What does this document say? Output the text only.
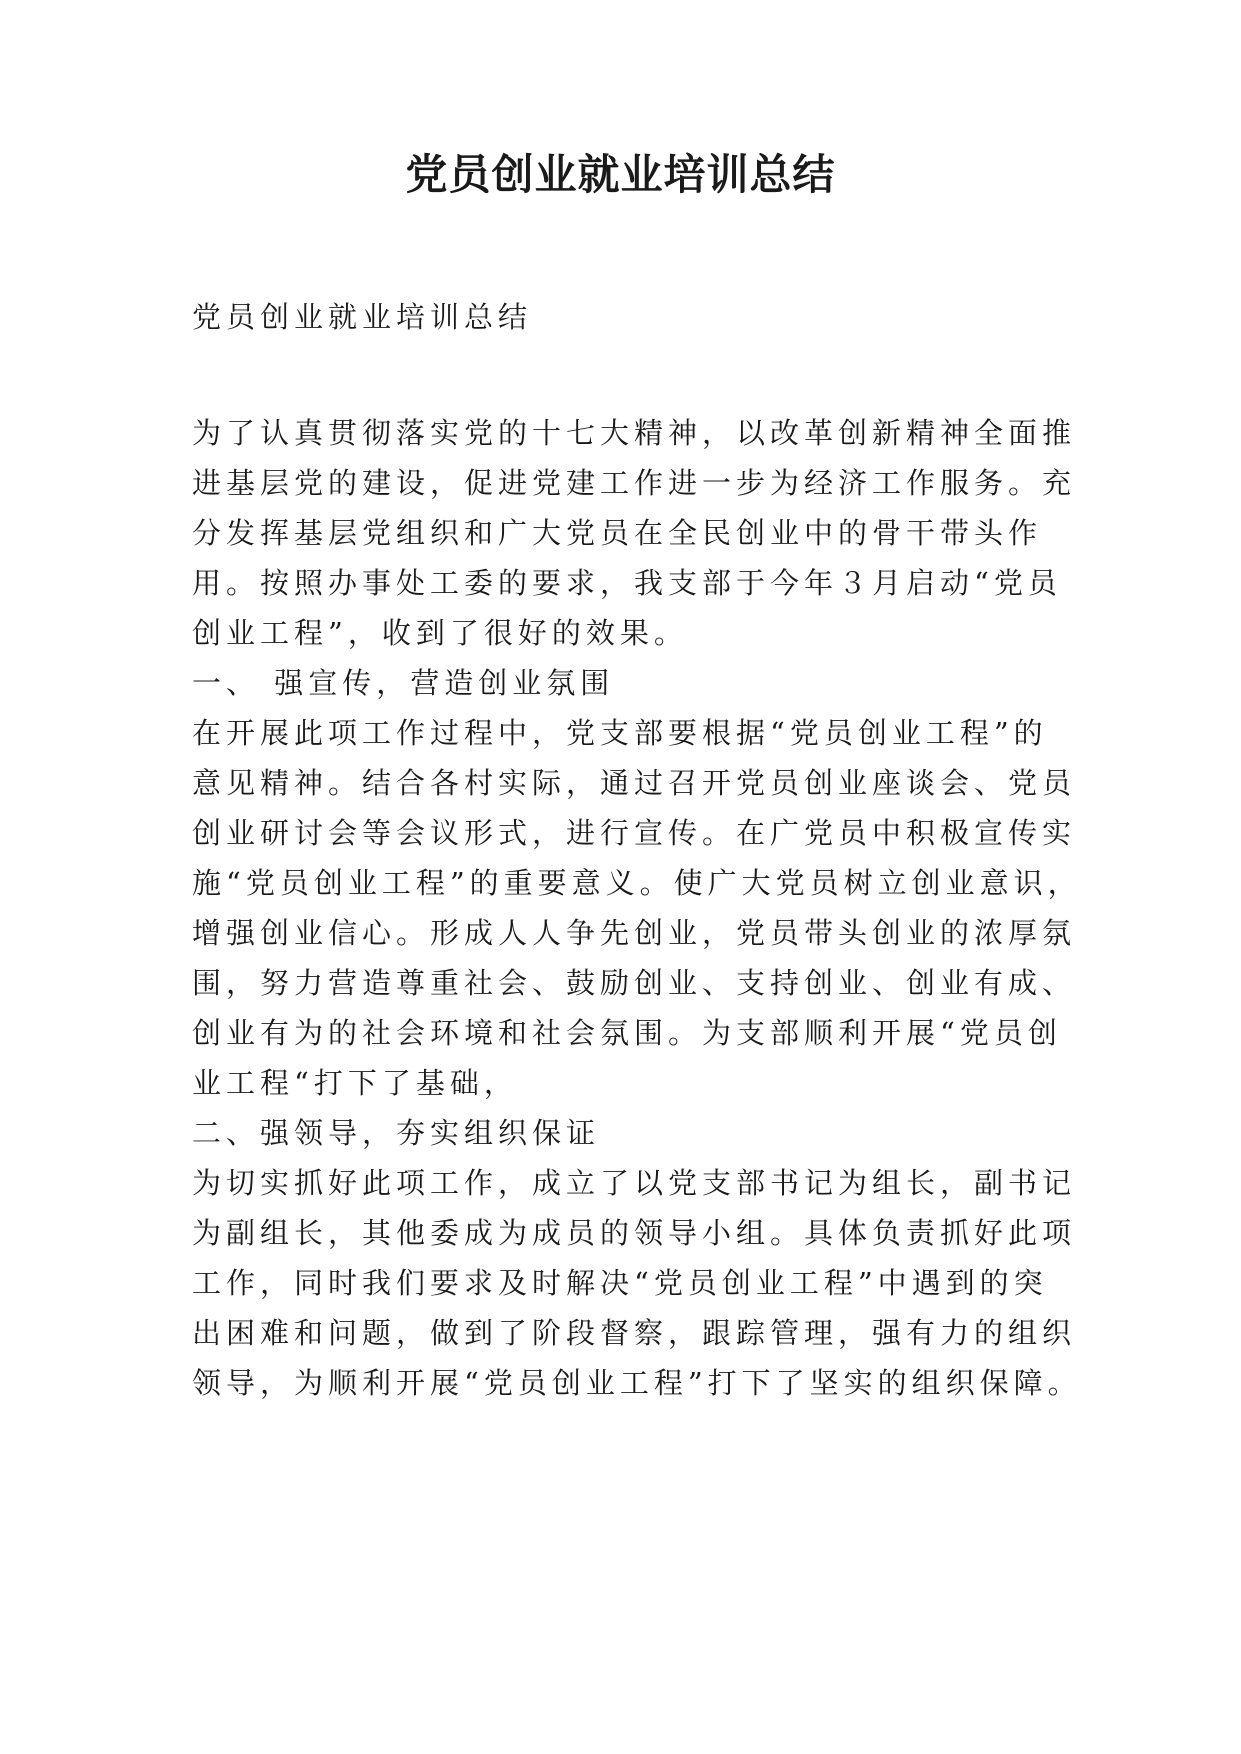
党员创业就业培训总结

党员创业就业培训总结

为了认真贯彻落实党的十七大精神，以改革创新精神全面推
进基层党的建设，促进党建工作进一步为经济工作服务。充
分发挥基层党组织和广大党员在全民创业中的骨干带头作
用。按照办事处工委的要求，我支部于今年３月启动“党员
创业工程”，收到了很好的效果。
一、 强宣传，营造创业氛围
在开展此项工作过程中，党支部要根据“党员创业工程”的
意见精神。结合各村实际，通过召开党员创业座谈会、党员
创业研讨会等会议形式，进行宣传。在广党员中积极宣传实
施“党员创业工程”的重要意义。使广大党员树立创业意识，
增强创业信心。形成人人争先创业，党员带头创业的浓厚氛
围，努力营造尊重社会、鼓励创业、支持创业、创业有成、
创业有为的社会环境和社会氛围。为支部顺利开展“党员创
业工程“打下了基础，
二、强领导，夯实组织保证
为切实抓好此项工作，成立了以党支部书记为组长，副书记
为副组长，其他委成为成员的领导小组。具体负责抓好此项
工作，同时我们要求及时解决“党员创业工程”中遇到的突
出困难和问题，做到了阶段督察，跟踪管理，强有力的组织
领导，为顺利开展“党员创业工程”打下了坚实的组织保障。
